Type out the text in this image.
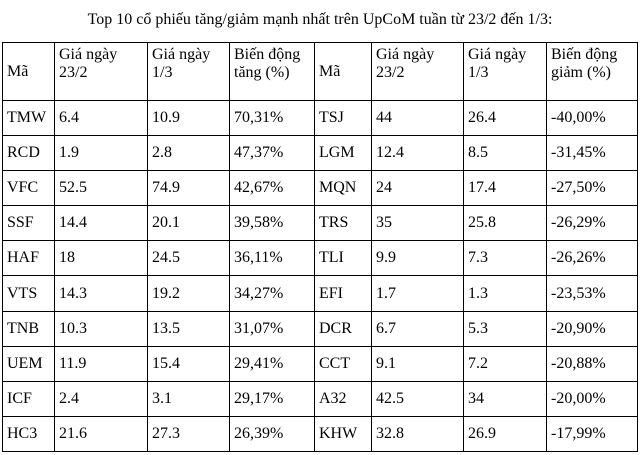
Top 10 cổ phiếu tăng/giảm mạnh nhất trên UpCoM tuần từ 23/2 đến 1/3:
Mã	Giá ngày 23/2	Giá ngày 1/3	Biến động tăng (%)	Mã	Giá ngày 23/2	Giá ngày 1/3	Biến động giảm (%)
TMW	6.4	10.9	70,31%	TSJ	44	26.4	-40,00%
RCD	1.9	2.8	47,37%	LGM	12.4	8.5	-31,45%
VFC	52.5	74.9	42,67%	MQN	24	17.4	-27,50%
SSF	14.4	20.1	39,58%	TRS	35	25.8	-26,29%
HAF	18	24.5	36,11%	TLI	9.9	7.3	-26,26%
VTS	14.3	19.2	34,27%	EFI	1.7	1.3	-23,53%
TNB	10.3	13.5	31,07%	DCR	6.7	5.3	-20,90%
UEM	11.9	15.4	29,41%	CCT	9.1	7.2	-20,88%
ICF	2.4	3.1	29,17%	A32	42.5	34	-20,00%
HC3	21.6	27.3	26,39%	KHW	32.8	26.9	-17,99%
